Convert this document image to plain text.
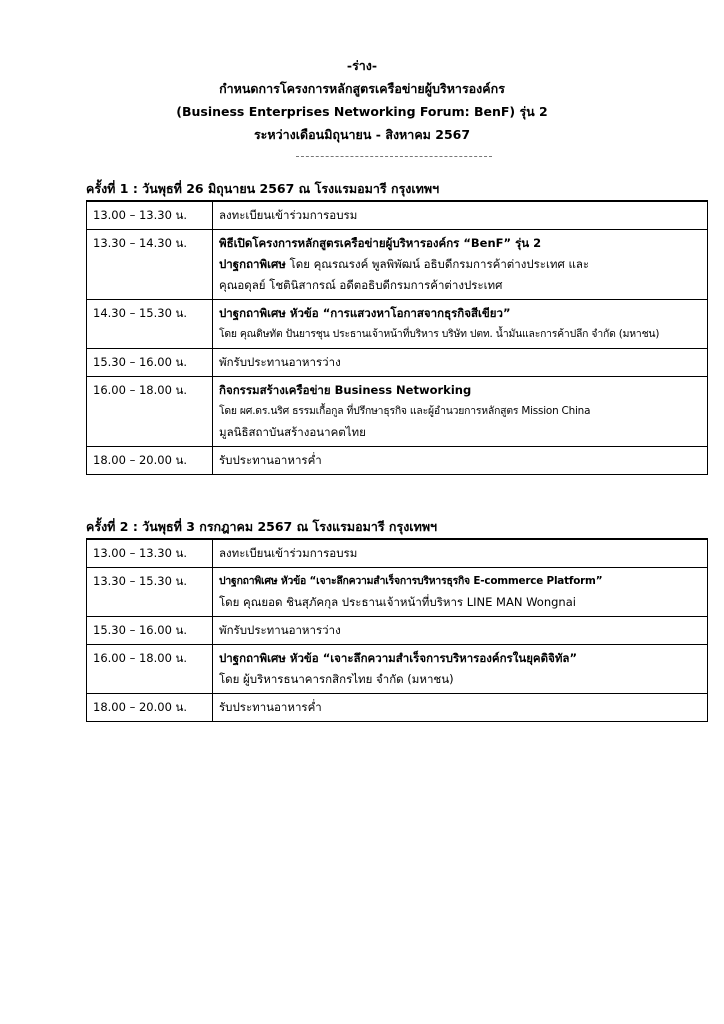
-ร่าง-
กำหนดการโครงการหลักสูตรเครือข่ายผู้บริหารองค์กร
(Business Enterprises Networking Forum: BenF) รุ่น 2
ระหว่างเดือนมิถุนายน - สิงหาคม 2567
ครั้งที่ 1 : วันพุธที่ 26 มิถุนายน 2567 ณ โรงแรมอมารี กรุงเทพฯ
13.00 – 13.30 น.	ลงทะเบียนเข้าร่วมการอบรม

13.30 – 14.30 น.	พิธีเปิดโครงการหลักสูตรเครือข่ายผู้บริหารองค์กร “BenF” รุ่น 2
ปาฐกถาพิเศษ โดย คุณรณรงค์ พูลพิพัฒน์ อธิบดีกรมการค้าต่างประเทศ และ
คุณอดุลย์ โชตินิสากรณ์ อดีตอธิบดีกรมการค้าต่างประเทศ

14.30 – 15.30 น.	ปาฐกถาพิเศษ หัวข้อ “การแสวงหาโอกาสจากธุรกิจสีเขียว”
โดย คุณดิษทัต ปันยารชุน ประธานเจ้าหน้าที่บริหาร บริษัท ปตท. น้ำมันและการค้าปลีก จำกัด (มหาชน)

15.30 – 16.00 น.	พักรับประทานอาหารว่าง

16.00 – 18.00 น.	กิจกรรมสร้างเครือข่าย Business Networking
โดย ผศ.ดร.นริศ ธรรมเกื้อกูล ที่ปรึกษาธุรกิจ และผู้อำนวยการหลักสูตร Mission China
มูลนิธิสถาบันสร้างอนาคตไทย

18.00 – 20.00 น.	รับประทานอาหารค่ำ
ครั้งที่ 2 : วันพุธที่ 3 กรกฎาคม 2567 ณ โรงแรมอมารี กรุงเทพฯ
13.00 – 13.30 น.	ลงทะเบียนเข้าร่วมการอบรม

13.30 – 15.30 น.	ปาฐกถาพิเศษ หัวข้อ “เจาะลึกความสำเร็จการบริหารธุรกิจ E-commerce Platform”
โดย คุณยอด ชินสุภัคกุล ประธานเจ้าหน้าที่บริหาร LINE MAN Wongnai

15.30 – 16.00 น.	พักรับประทานอาหารว่าง

16.00 – 18.00 น.	ปาฐกถาพิเศษ หัวข้อ “เจาะลึกความสำเร็จการบริหารองค์กรในยุคดิจิทัล”
โดย ผู้บริหารธนาคารกสิกรไทย จำกัด (มหาชน)

18.00 – 20.00 น.	รับประทานอาหารค่ำ
